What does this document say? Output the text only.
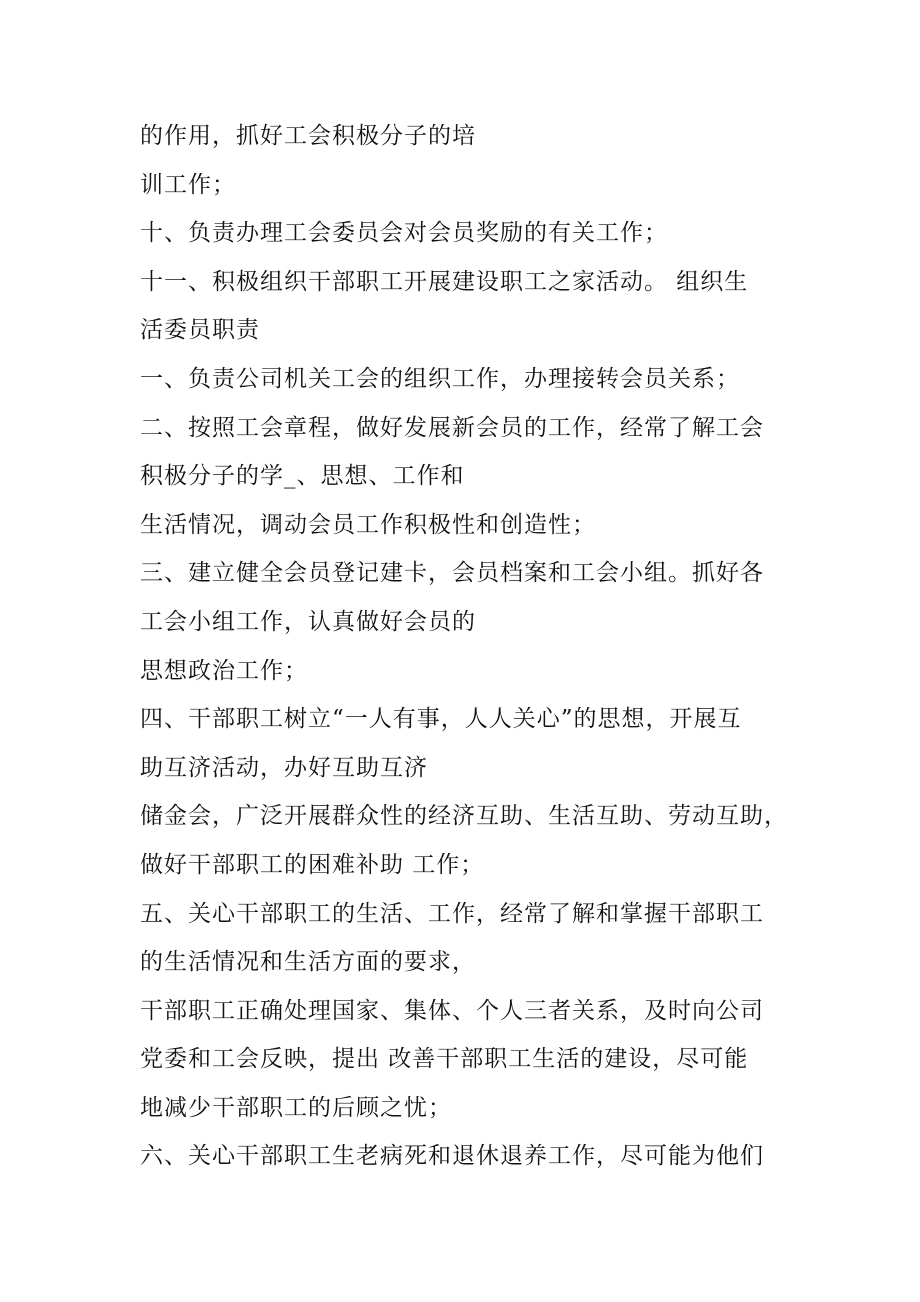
的作用，抓好工会积极分子的培
训工作；
十、负责办理工会委员会对会员奖励的有关工作；
十一、积极组织干部职工开展建设职工之家活动。 组织生
活委员职责
一、负责公司机关工会的组织工作，办理接转会员关系；
二、按照工会章程，做好发展新会员的工作，经常了解工会
积极分子的学_、思想、工作和
生活情况，调动会员工作积极性和创造性；
三、建立健全会员登记建卡，会员档案和工会小组。抓好各
工会小组工作，认真做好会员的
思想政治工作；
四、干部职工树立“一人有事，人人关心”的思想，开展互
助互济活动，办好互助互济
储金会，广泛开展群众性的经济互助、生活互助、劳动互助，
做好干部职工的困难补助 工作；
五、关心干部职工的生活、工作，经常了解和掌握干部职工
的生活情况和生活方面的要求，
干部职工正确处理国家、集体、个人三者关系，及时向公司
党委和工会反映，提出 改善干部职工生活的建设，尽可能
地减少干部职工的后顾之忧；
六、关心干部职工生老病死和退休退养工作，尽可能为他们
